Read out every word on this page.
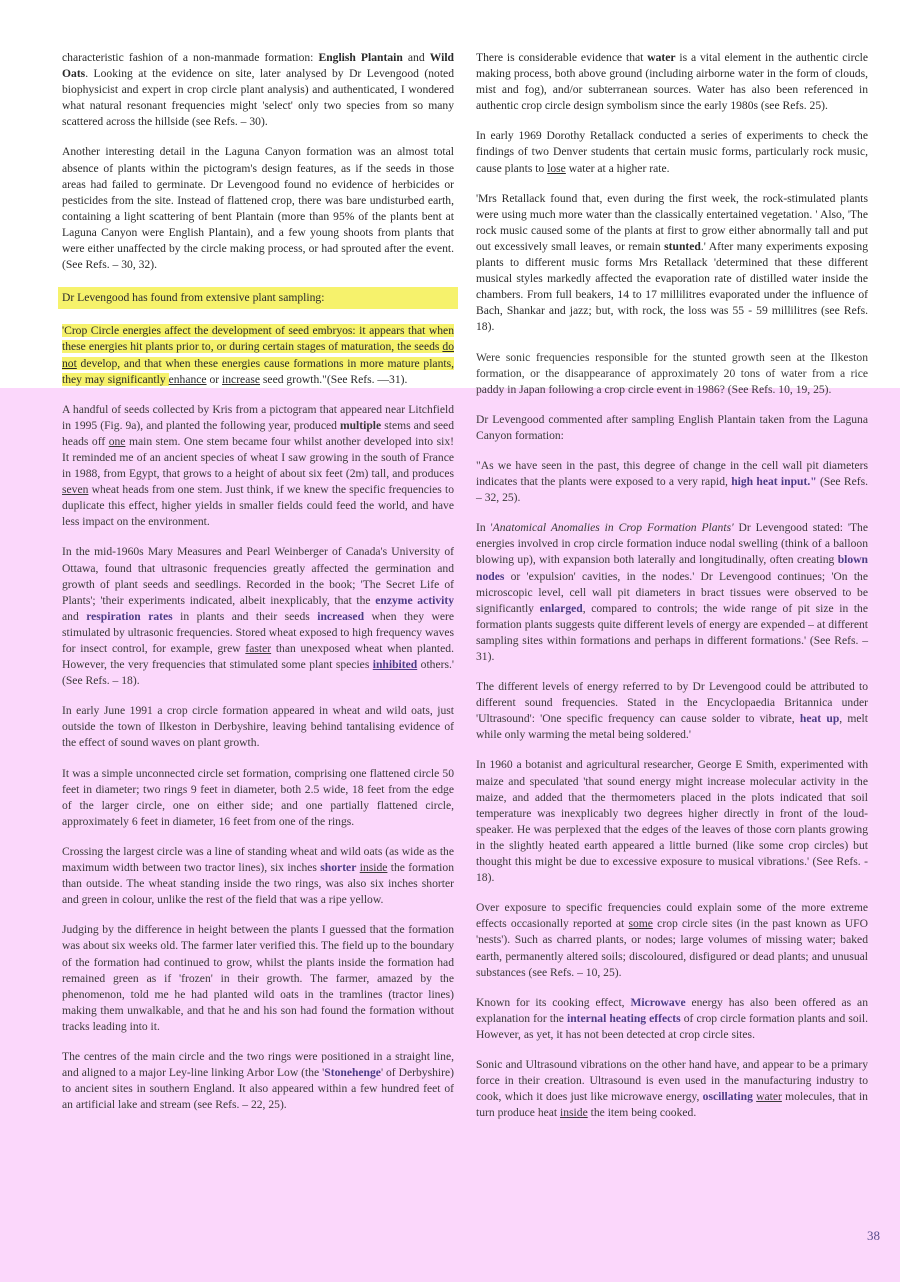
characteristic fashion of a non-manmade formation: English Plantain and Wild Oats. Looking at the evidence on site, later analysed by Dr Levengood (noted biophysicist and expert in crop circle plant analysis) and authenticated, I wondered what natural resonant frequencies might 'select' only two species from so many scattered across the hillside (see Refs. – 30).

Another interesting detail in the Laguna Canyon formation was an almost total absence of plants within the pictogram's design features, as if the seeds in those areas had failed to germinate. Dr Levengood found no evidence of herbicides or pesticides from the site. Instead of flattened crop, there was bare undisturbed earth, containing a light scattering of bent Plantain (more than 95% of the plants bent at Laguna Canyon were English Plantain), and a few young shoots from plants that were either unaffected by the circle making process, or had sprouted after the event. (See Refs. – 30, 32).

Dr Levengood has found from extensive plant sampling:

'Crop Circle energies affect the development of seed embryos: it appears that when these energies hit plants prior to, or during certain stages of maturation, the seeds do not develop, and that when these energies cause formations in more mature plants, they may significantly enhance or increase seed growth."(See Refs. —31).

A handful of seeds collected by Kris from a pictogram that appeared near Litchfield in 1995 (Fig. 9a), and planted the following year, produced multiple stems and seed heads off one main stem. One stem became four whilst another developed into six! It reminded me of an ancient species of wheat I saw growing in the south of France in 1988, from Egypt, that grows to a height of about six feet (2m) tall, and produces seven wheat heads from one stem. Just think, if we knew the specific frequencies to duplicate this effect, higher yields in smaller fields could feed the world, and have less impact on the environment.

In the mid-1960s Mary Measures and Pearl Weinberger of Canada's University of Ottawa, found that ultrasonic frequencies greatly affected the germination and growth of plant seeds and seedlings. Recorded in the book; 'The Secret Life of Plants'; 'their experiments indicated, albeit inexplicably, that the enzyme activity and respiration rates in plants and their seeds increased when they were stimulated by ultrasonic frequencies. Stored wheat exposed to high frequency waves for insect control, for example, grew faster than unexposed wheat when planted. However, the very frequencies that stimulated some plant species inhibited others.' (See Refs. – 18).

In early June 1991 a crop circle formation appeared in wheat and wild oats, just outside the town of Ilkeston in Derbyshire, leaving behind tantalising evidence of the effect of sound waves on plant growth.

It was a simple unconnected circle set formation, comprising one flattened circle 50 feet in diameter; two rings 9 feet in diameter, both 2.5 wide, 18 feet from the edge of the larger circle, one on either side; and one partially flattened circle, approximately 6 feet in diameter, 16 feet from one of the rings.

Crossing the largest circle was a line of standing wheat and wild oats (as wide as the maximum width between two tractor lines), six inches shorter inside the formation than outside. The wheat standing inside the two rings, was also six inches shorter and green in colour, unlike the rest of the field that was a ripe yellow.

Judging by the difference in height between the plants I guessed that the formation was about six weeks old. The farmer later verified this. The field up to the boundary of the formation had continued to grow, whilst the plants inside the formation had remained green as if 'frozen' in their growth. The farmer, amazed by the phenomenon, told me he had planted wild oats in the tramlines (tractor lines) making them unwalkable, and that he and his son had found the formation without tracks leading into it.

The centres of the main circle and the two rings were positioned in a straight line, and aligned to a major Ley-line linking Arbor Low (the 'Stonehenge' of Derbyshire) to ancient sites in southern England. It also appeared within a few hundred feet of an artificial lake and stream (see Refs. – 22, 25).

There is considerable evidence that water is a vital element in the authentic circle making process, both above ground (including airborne water in the form of clouds, mist and fog), and/or subterranean sources. Water has also been referenced in authentic crop circle design symbolism since the early 1980s (see Refs. 25).

In early 1969 Dorothy Retallack conducted a series of experiments to check the findings of two Denver students that certain music forms, particularly rock music, cause plants to lose water at a higher rate.

'Mrs Retallack found that, even during the first week, the rock-stimulated plants were using much more water than the classically entertained vegetation. ' Also, 'The rock music caused some of the plants at first to grow either abnormally tall and put out excessively small leaves, or remain stunted.' After many experiments exposing plants to different music forms Mrs Retallack 'determined that these different musical styles markedly affected the evaporation rate of distilled water inside the chambers. From full beakers, 14 to 17 millilitres evaporated under the influence of Bach, Shankar and jazz; but, with rock, the loss was 55 - 59 millilitres (see Refs. 18).

Were sonic frequencies responsible for the stunted growth seen at the Ilkeston formation, or the disappearance of approximately 20 tons of water from a rice paddy in Japan following a crop circle event in 1986? (See Refs. 10, 19, 25).

Dr Levengood commented after sampling English Plantain taken from the Laguna Canyon formation:

"As we have seen in the past, this degree of change in the cell wall pit diameters indicates that the plants were exposed to a very rapid, high heat input." (See Refs. – 32, 25).

In 'Anatomical Anomalies in Crop Formation Plants' Dr Levengood stated: 'The energies involved in crop circle formation induce nodal swelling (think of a balloon blowing up), with expansion both laterally and longitudinally, often creating blown nodes or 'expulsion' cavities, in the nodes.' Dr Levengood continues; 'On the microscopic level, cell wall pit diameters in bract tissues were observed to be significantly enlarged, compared to controls; the wide range of pit size in the formation plants suggests quite different levels of energy are expended – at different sampling sites within formations and perhaps in different formations.' (See Refs. – 31).

The different levels of energy referred to by Dr Levengood could be attributed to different sound frequencies. Stated in the Encyclopaedia Britannica under 'Ultrasound': 'One specific frequency can cause solder to vibrate, heat up, melt while only warming the metal being soldered.'

In 1960 a botanist and agricultural researcher, George E Smith, experimented with maize and speculated 'that sound energy might increase molecular activity in the maize, and added that the thermometers placed in the plots indicated that soil temperature was inexplicably two degrees higher directly in front of the loud-speaker. He was perplexed that the edges of the leaves of those corn plants growing in the slightly heated earth appeared a little burned (like some crop circles) but thought this might be due to excessive exposure to musical vibrations.' (See Refs. - 18).

Over exposure to specific frequencies could explain some of the more extreme effects occasionally reported at some crop circle sites (in the past known as UFO 'nests'). Such as charred plants, or nodes; large volumes of missing water; baked earth, permanently altered soils; discoloured, disfigured or dead plants; and unusual substances (see Refs. – 10, 25).

Known for its cooking effect, Microwave energy has also been offered as an explanation for the internal heating effects of crop circle formation plants and soil. However, as yet, it has not been detected at crop circle sites.

Sonic and Ultrasound vibrations on the other hand have, and appear to be a primary force in their creation. Ultrasound is even used in the manufacturing industry to cook, which it does just like microwave energy, oscillating water molecules, that in turn produce heat inside the item being cooked.

38
